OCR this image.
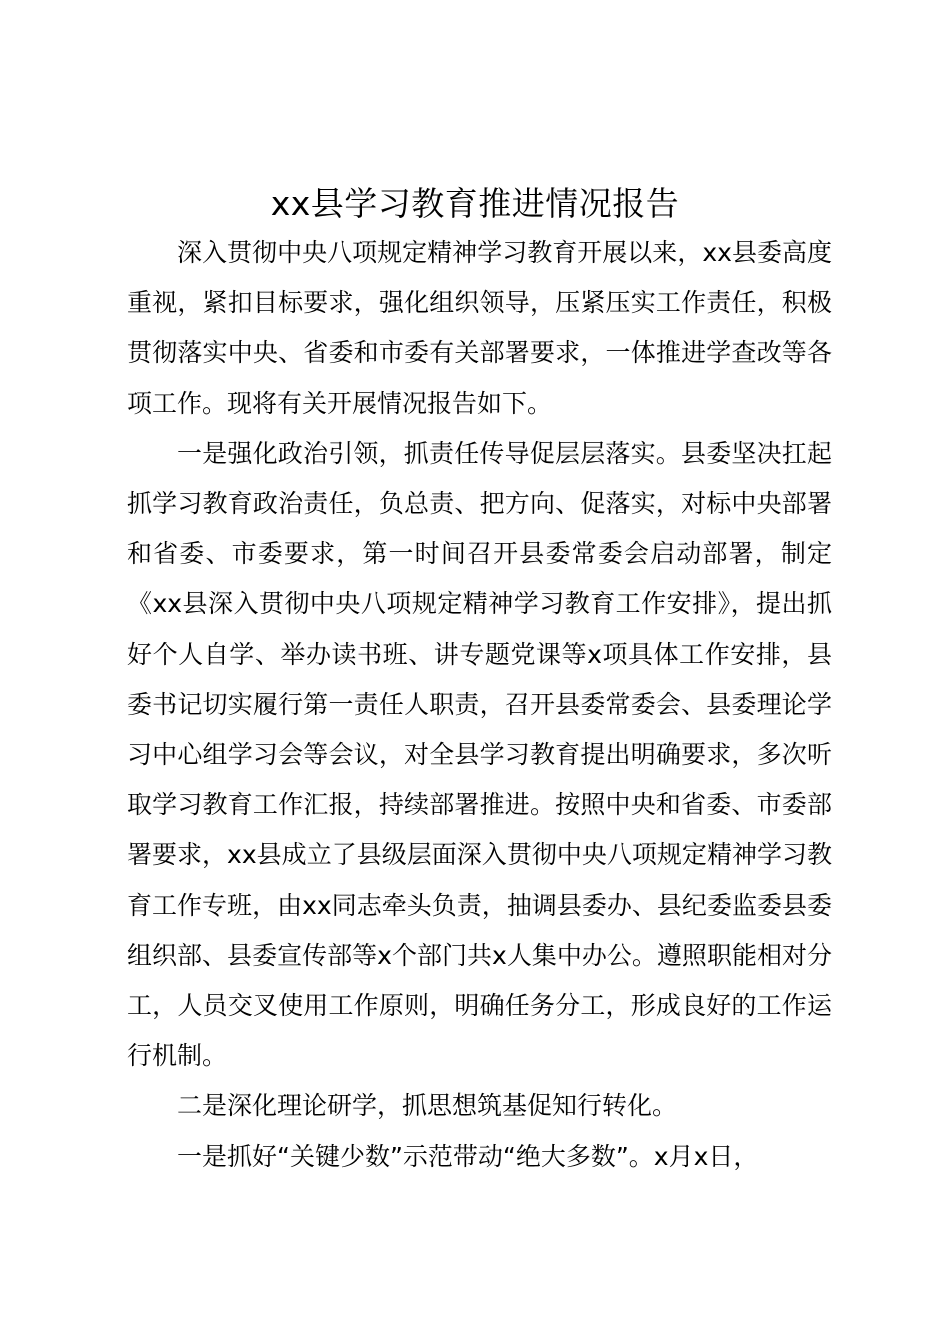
xx县学习教育推进情况报告

深入贯彻中央八项规定精神学习教育开展以来，xx县委高度重视，紧扣目标要求，强化组织领导，压紧压实工作责任，积极贯彻落实中央、省委和市委有关部署要求，一体推进学查改等各项工作。现将有关开展情况报告如下。

一是强化政治引领，抓责任传导促层层落实。县委坚决扛起抓学习教育政治责任，负总责、把方向、促落实，对标中央部署和省委、市委要求，第一时间召开县委常委会启动部署，制定《xx县深入贯彻中央八项规定精神学习教育工作安排》，提出抓好个人自学、举办读书班、讲专题党课等x项具体工作安排，县委书记切实履行第一责任人职责，召开县委常委会、县委理论学习中心组学习会等会议，对全县学习教育提出明确要求，多次听取学习教育工作汇报，持续部署推进。按照中央和省委、市委部署要求，xx县成立了县级层面深入贯彻中央八项规定精神学习教育工作专班，由xx同志牵头负责，抽调县委办、县纪委监委县委组织部、县委宣传部等x个部门共x人集中办公。遵照职能相对分工，人员交叉使用工作原则，明确任务分工，形成良好的工作运行机制。

二是深化理论研学，抓思想筑基促知行转化。

一是抓好“关键少数”示范带动“绝大多数”。x月x日，
